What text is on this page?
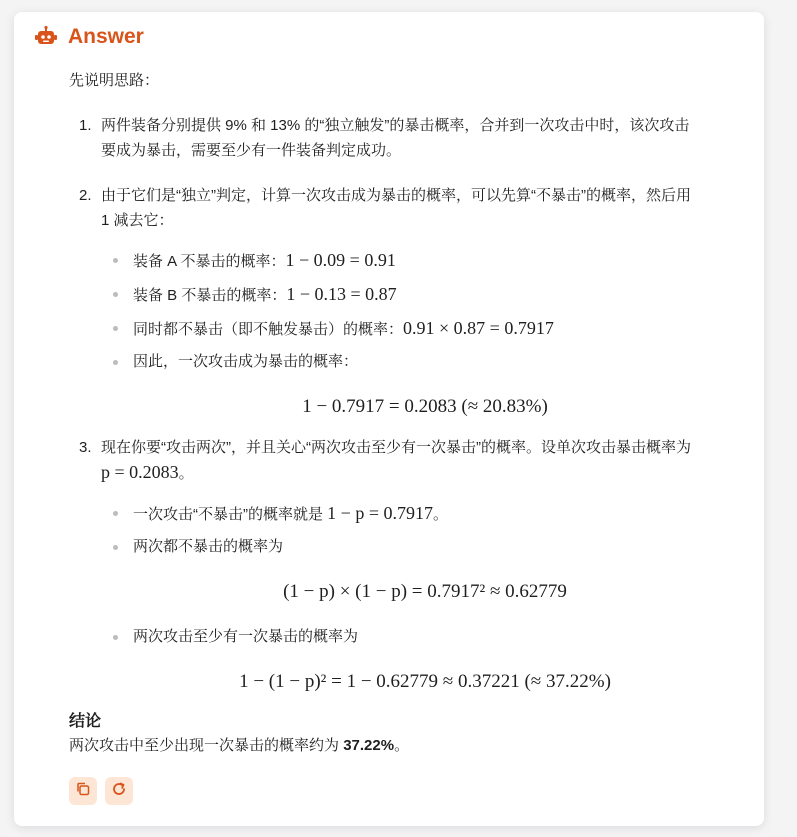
Answer

先说明思路：

1. 两件装备分别提供 9% 和 13% 的“独立触发”的暴击概率，合并到一次攻击中时，该次攻击
要成为暴击，需要至少有一件装备判定成功。
2. 由于它们是“独立”判定，计算一次攻击成为暴击的概率，可以先算“不暴击”的概率，然后用
1 减去它：
装备 A 不暴击的概率：1 − 0.09 = 0.91
装备 B 不暴击的概率：1 − 0.13 = 0.87
同时都不暴击（即不触发暴击）的概率：0.91 × 0.87 = 0.7917
因此，一次攻击成为暴击的概率：
1 − 0.7917 = 0.2083 (≈ 20.83%)
3. 现在你要“攻击两次”，并且关心“两次攻击至少有一次暴击”的概率。设单次攻击暴击概率为
p = 0.2083。
一次攻击“不暴击”的概率就是 1 − p = 0.7917。
两次都不暴击的概率为
(1 − p) × (1 − p) = 0.7917² ≈ 0.62779
两次攻击至少有一次暴击的概率为
1 − (1 − p)² = 1 − 0.62779 ≈ 0.37221 (≈ 37.22%)
结论
两次攻击中至少出现一次暴击的概率约为 37.22%。
